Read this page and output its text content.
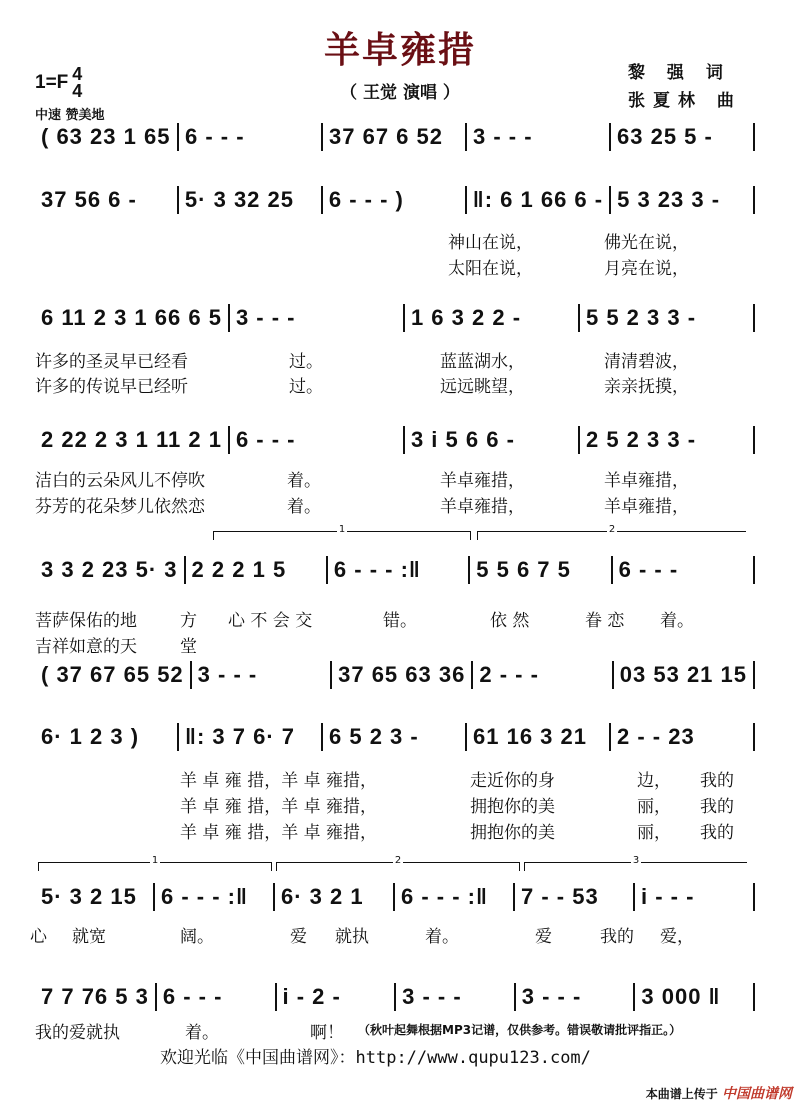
羊卓雍措
（ 王觉 演唱 ）
黎 强 词
张夏林 曲
1=F 4
4
中速 赞美地
( 63 23 1 65 6 - - -	37 67 6 52	3 - - -	63 25 5 -
37 56 6 -	5· 3 32 25	6 - - - )	‖: 6 1 66 6 - 5 3 23 3 -
6 11 2 3 1 66 6 5 3 - - -	1 6 3 2 2 -	5 5 2 3 3 -
2 22 2 3 1 11 2 1 6 - - -	3 i 5 6 6 -	2 5 2 3 3 -
3 3 2 23 5· 3 2 2 2 1 5	6 - - - :‖	5 5 6 7 5	6 - - -
( 37 67 65 52 3 - - -	37 65 63 36 2 - - -	03 53 21 15
6· 1 2 3 )	‖: 3 7 6· 7	6 5 2 3 -	61 16 3 21	2 - - 23
5· 3 2 15	6 - - - :‖	6· 3 2 1	6 - - - :‖	7 - - 53	i - - -
7 7 76 5 3 6 - - -	i - 2 -	3 - - -	3 - - -	3 000 ‖
神山在说，	佛光在说，
太阳在说，	月亮在说，
许多的圣灵早已经看	过。	蓝蓝湖水，	清清碧波，
许多的传说早已经听	过。	远远眺望，	亲亲抚摸，
洁白的云朵风儿不停吹	着。	羊卓雍措，	羊卓雍措，
芬芳的花朵梦儿依然恋	着。	羊卓雍措，	羊卓雍措，
1	2
菩萨保佑的地	方 心 不 会 交	错。	依 然	眷 恋 着。
吉祥如意的天	堂
羊 卓 雍 措，羊 卓 雍措，	走近你的身	边， 我的
羊 卓 雍 措，羊 卓 雍措，	拥抱你的美	丽， 我的
羊 卓 雍 措，羊 卓 雍措，	拥抱你的美	丽， 我的
1	2	3
心 就宽	阔。	爱 就执	着。	爱	我的 爱，
我的爱就执	着。	啊！ （秋叶起舞根据MP3记谱，仅供参考。错误敬请批评指正。）
欢迎光临《中国曲谱网》：http://www.qupu123.com/
本曲谱上传于 中国曲谱网
